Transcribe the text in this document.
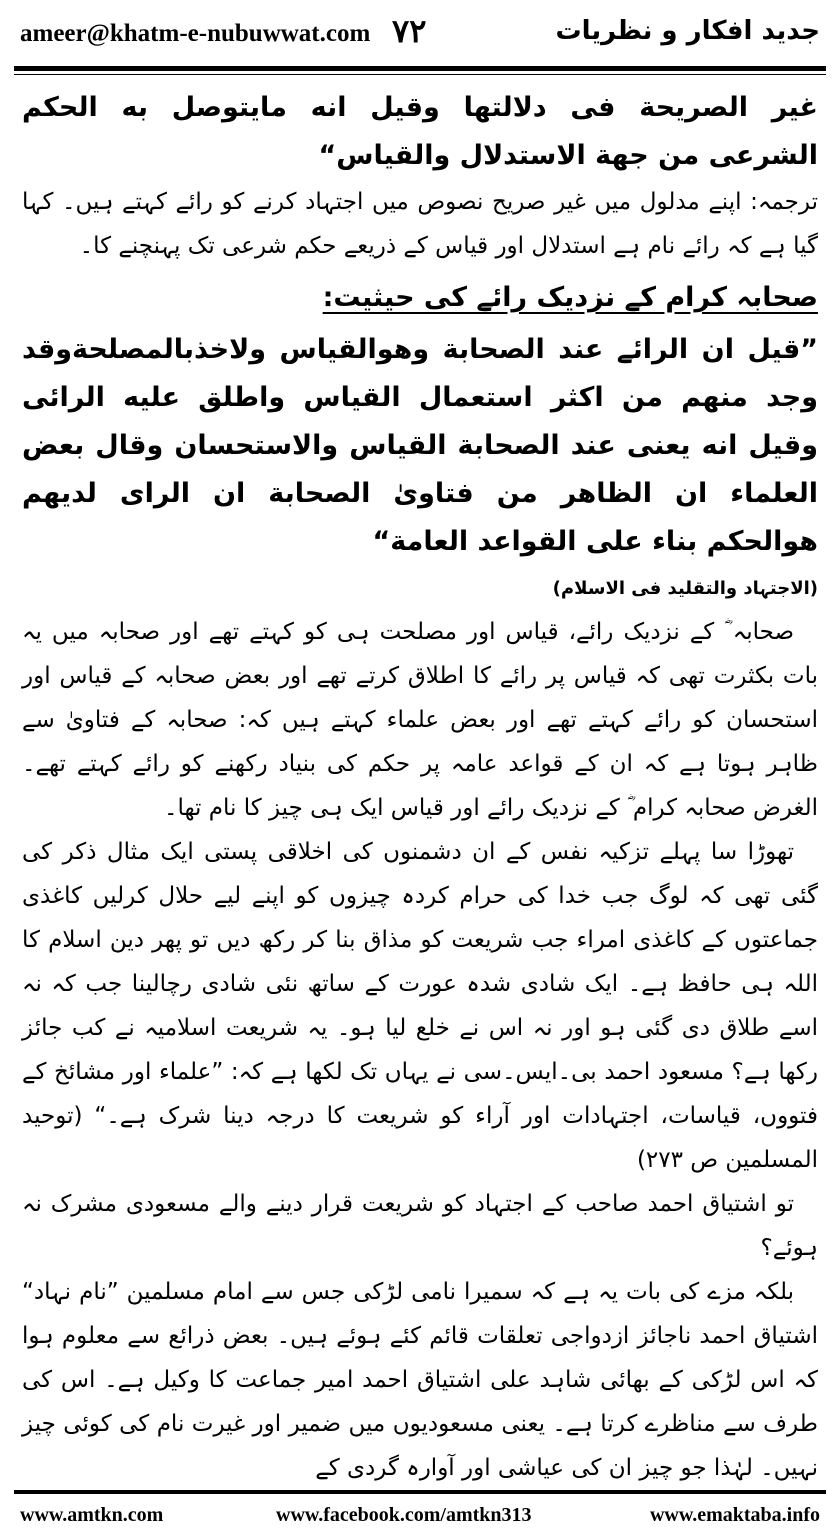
ameer@khatm-e-nubuwwat.com ٧٢	جدید افکار و نظریات

غیر الصریحة فی دلالتها وقیل انه مایتوصل به الحکم الشرعی من جهة الاستدلال والقیاس“

ترجمہ: اپنے مدلول میں غیر صریح نصوص میں اجتہاد کرنے کو رائے کہتے ہیں۔ کہا گیا ہے کہ رائے نام ہے استدلال اور قیاس کے ذریعے حکم شرعی تک پہنچنے کا۔

صحابہ کرام کے نزدیک رائے کی حیثیت:

”قیل ان الرائے عند الصحابة وهوالقیاس ولاخذبالمصلحةوقد وجد منهم من اکثر استعمال القیاس واطلق علیه الرائی وقیل انه یعنی عند الصحابة القیاس والاستحسان وقال بعض العلماء ان الظاهر من فتاویٰ الصحابة ان الرای لدیهم هوالحکم بناء علی القواعد العامة“

(الاجتہاد والتقلید فی الاسلام)

صحابہ ؓ کے نزدیک رائے، قیاس اور مصلحت ہی کو کہتے تھے اور صحابہ میں یہ بات بکثرت تھی کہ قیاس پر رائے کا اطلاق کرتے تھے اور بعض صحابہ کے قیاس اور استحسان کو رائے کہتے تھے اور بعض علماء کہتے ہیں کہ: صحابہ کے فتاویٰ سے ظاہر ہوتا ہے کہ ان کے قواعد عامہ پر حکم کی بنیاد رکھنے کو رائے کہتے تھے۔ الغرض صحابہ کرام ؓ کے نزدیک رائے اور قیاس ایک ہی چیز کا نام تھا۔

تھوڑا سا پہلے تزکیہ نفس کے ان دشمنوں کی اخلاقی پستی ایک مثال ذکر کی گئی تھی کہ لوگ جب خدا کی حرام کردہ چیزوں کو اپنے لیے حلال کرلیں کاغذی جماعتوں کے کاغذی امراء جب شریعت کو مذاق بنا کر رکھ دیں تو پھر دین اسلام کا اللہ ہی حافظ ہے۔ ایک شادی شدہ عورت کے ساتھ نئی شادی رچالینا جب کہ نہ اسے طلاق دی گئی ہو اور نہ اس نے خلع لیا ہو۔ یہ شریعت اسلامیہ نے کب جائز رکھا ہے؟ مسعود احمد بی۔ایس۔سی نے یہاں تک لکھا ہے کہ: ”علماء اور مشائخ کے فتووں، قیاسات، اجتہادات اور آراء کو شریعت کا درجہ دینا شرک ہے۔“ (توحید المسلمین ص ٢٧٣)

تو اشتیاق احمد صاحب کے اجتہاد کو شریعت قرار دینے والے مسعودی مشرک نہ ہوئے؟

بلکہ مزے کی بات یہ ہے کہ سمیرا نامی لڑکی جس سے امام مسلمین ”نام نہاد“ اشتیاق احمد ناجائز ازدواجی تعلقات قائم کئے ہوئے ہیں۔ بعض ذرائع سے معلوم ہوا کہ اس لڑکی کے بھائی شاہد علی اشتیاق احمد امیر جماعت کا وکیل ہے۔ اس کی طرف سے مناظرے کرتا ہے۔ یعنی مسعودیوں میں ضمیر اور غیرت نام کی کوئی چیز نہیں۔ لہٰذا جو چیز ان کی عیاشی اور آوارہ گردی کے

www.amtkn.com	www.facebook.com/amtkn313	www.emaktaba.info
